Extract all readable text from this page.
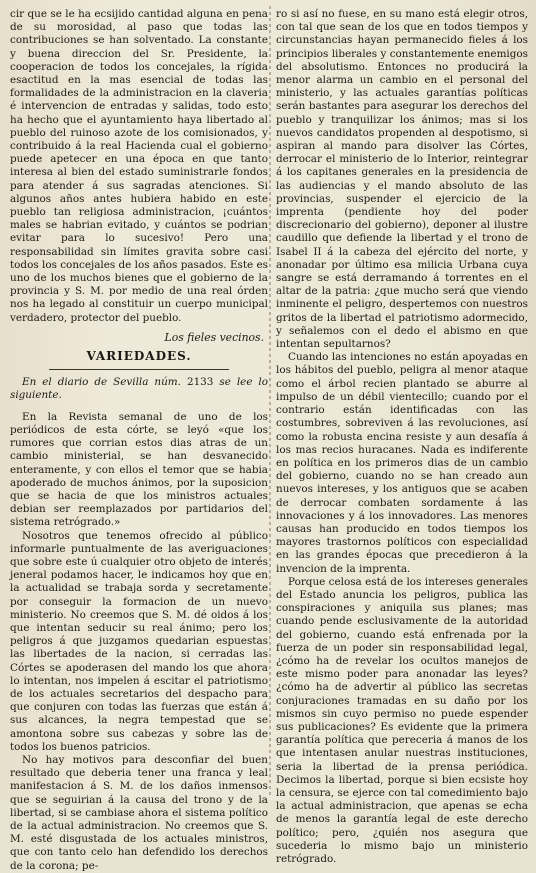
cir que se le ha ecsijido cantidad alguna en pena de su morosidad, al paso que todas las contribuciones se han solventado. La constante y buena direccion del Sr. Presidente, la cooperacion de todos los concejales, la rígida esactitud en la mas esencial de todas las formalidades de la administracion en la claveria é intervencion de entradas y salidas, todo esto ha hecho que el ayuntamiento haya libertado al pueblo del ruinoso azote de los comisionados, y contribuido á la real Hacienda cual el gobierno puede apetecer en una época en que tanto interesa al bien del estado suministrarle fondos para atender á sus sagradas atenciones. Si algunos años antes hubiera habido en este pueblo tan religiosa administracion, ¡cuántos males se habrian evitado, y cuántos se podrian evitar para lo sucesivo! Pero una responsabilidad sin límites gravita sobre casi todos los concejales de los años pasados. Este es uno de los muchos bienes que el gobierno de la provincia y S. M. por medio de una real órden nos ha legado al constituir un cuerpo municipal verdadero, protector del pueblo.

Los fieles vecinos.

VARIEDADES.

En el diario de Sevilla núm. 2133 se lee lo siguiente.

En la Revista semanal de uno de los periódicos de esta córte, se leyó «que los rumores que corrian estos dias atras de un cambio ministerial, se han desvanecido enteramente, y con ellos el temor que se habia apoderado de muchos ánimos, por la suposicion que se hacia de que los ministros actuales debian ser reemplazados por partidarios del sistema retrógrado.»

Nosotros que tenemos ofrecido al público informarle puntualmente de las averiguaciones que sobre este ú cualquier otro objeto de interés jeneral podamos hacer, le indicamos hoy que en la actualidad se trabaja sorda y secretamente por conseguir la formacion de un nuevo ministerio. No creemos que S. M. dé oidos á los que intentan seducir su real ánimo; pero los peligros á que juzgamos quedarian espuestas las libertades de la nacion, si cerradas las Córtes se apoderasen del mando los que ahora lo intentan, nos impelen á escitar el patriotismo de los actuales secretarios del despacho para que conjuren con todas las fuerzas que están á sus alcances, la negra tempestad que se amontona sobre sus cabezas y sobre las de todos los buenos patricios.

No hay motivos para desconfiar del buen resultado que deberia tener una franca y leal manifestacion á S. M. de los daños inmensos que se seguirian á la causa del trono y de la libertad, si se cambiase ahora el sistema político de la actual administracion. No creemos que S. M. esté disgustada de los actuales ministros, que con tanto celo han defendido los derechos de la corona; pe-

ro si así no fuese, en su mano está elegir otros, con tal que sean de los que en todos tiempos y circunstancias hayan permanecido fieles á los principios liberales y constantemente enemigos del absolutismo. Entonces no producirá la menor alarma un cambio en el personal del ministerio, y las actuales garantías políticas serán bastantes para asegurar los derechos del pueblo y tranquilizar los ánimos; mas si los nuevos candidatos propenden al despotismo, si aspiran al mando para disolver las Córtes, derrocar el ministerio de lo Interior, reintegrar á los capitanes generales en la presidencia de las audiencias y el mando absoluto de las provincias, suspender el ejercicio de la imprenta (pendiente hoy del poder discrecionario del gobierno), deponer al ilustre caudillo que defiende la libertad y el trono de Isabel II á la cabeza del ejército del norte, y anonadar por último esa milicia Urbana cuya sangre se está derramando á torrentes en el altar de la patria: ¿que mucho será que viendo inminente el peligro, despertemos con nuestros gritos de la libertad el patriotismo adormecido, y señalemos con el dedo el abismo en que intentan sepultarnos?

Cuando las intenciones no están apoyadas en los hábitos del pueblo, peligra al menor ataque como el árbol recien plantado se aburre al impulso de un débil vientecillo; cuando por el contrario están identificadas con las costumbres, sobreviven á las revoluciones, así como la robusta encina resiste y aun desafía á los mas recios huracanes. Nada es indiferente en política en los primeros dias de un cambio del gobierno, cuando no se han creado aun nuevos intereses, y los antiguos que se acaben de derrocar combaten sordamente á las innovaciones y á los innovadores. Las menores causas han producido en todos tiempos los mayores trastornos políticos con especialidad en las grandes épocas que precedieron á la invencion de la imprenta.

Porque celosa está de los intereses generales del Estado anuncia los peligros, publica las conspiraciones y aniquila sus planes; mas cuando pende esclusivamente de la autoridad del gobierno, cuando está enfrenada por la fuerza de un poder sin responsabilidad legal, ¿cómo ha de revelar los ocultos manejos de este mismo poder para anonadar las leyes? ¿cómo ha de advertir al público las secretas conjuraciones tramadas en su daño por los mismos sin cuyo permiso no puede espender sus publicaciones? Es evidente que la primera garantía política que pereceria á manos de los que intentasen anular nuestras instituciones, seria la libertad de la prensa periódica. Decimos la libertad, porque si bien ecsiste hoy la censura, se ejerce con tal comedimiento bajo la actual administracion, que apenas se echa de menos la garantía legal de este derecho político; pero, ¿quién nos asegura que sucederia lo mismo bajo un ministerio retrógrado.
